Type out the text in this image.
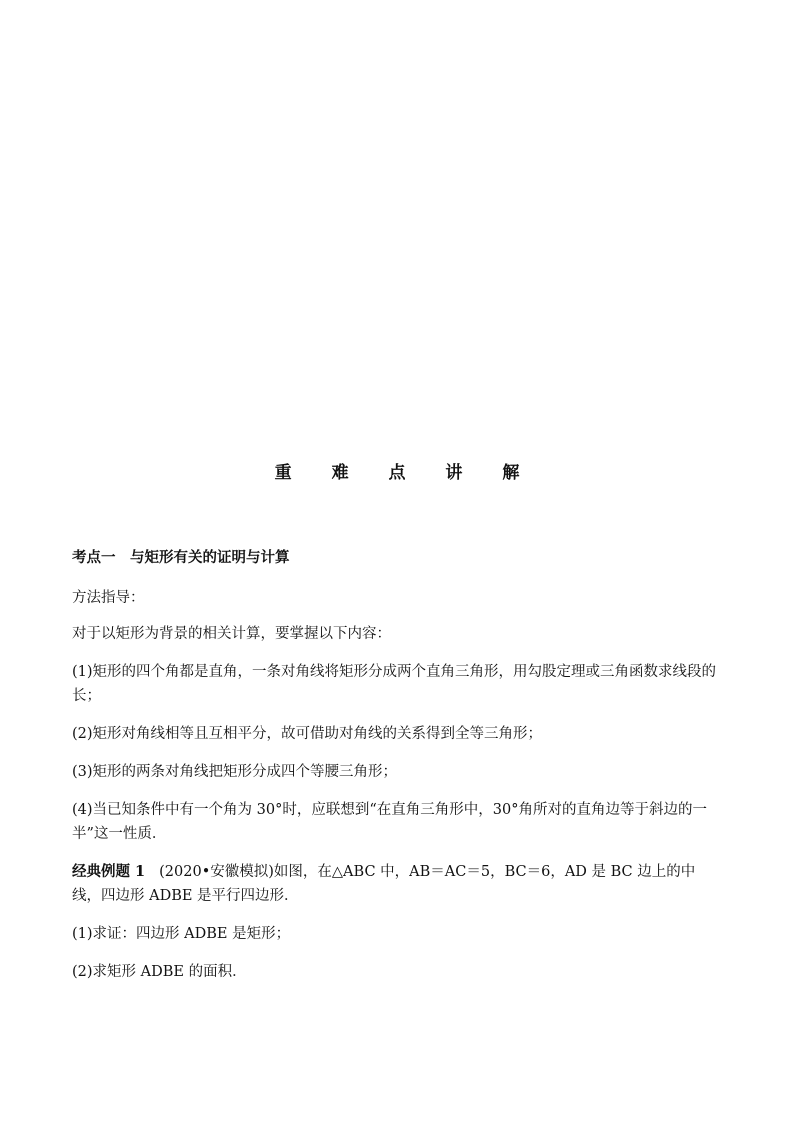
重 难 点 讲 解

考点一　与矩形有关的证明与计算

方法指导：

对于以矩形为背景的相关计算，要掌握以下内容：

(1)矩形的四个角都是直角，一条对角线将矩形分成两个直角三角形，用勾股定理或三角函数求线段的长；

(2)矩形对角线相等且互相平分，故可借助对角线的关系得到全等三角形；

(3)矩形的两条对角线把矩形分成四个等腰三角形；

(4)当已知条件中有一个角为 30°时，应联想到“在直角三角形中，30°角所对的直角边等于斜边的一半”这一性质．

经典例题 1 (2020•安徽模拟)如图，在△ABC 中，AB＝AC＝5，BC＝6，AD 是 BC 边上的中线，四边形 ADBE 是平行四边形．

(1)求证：四边形 ADBE 是矩形；

(2)求矩形 ADBE 的面积．
